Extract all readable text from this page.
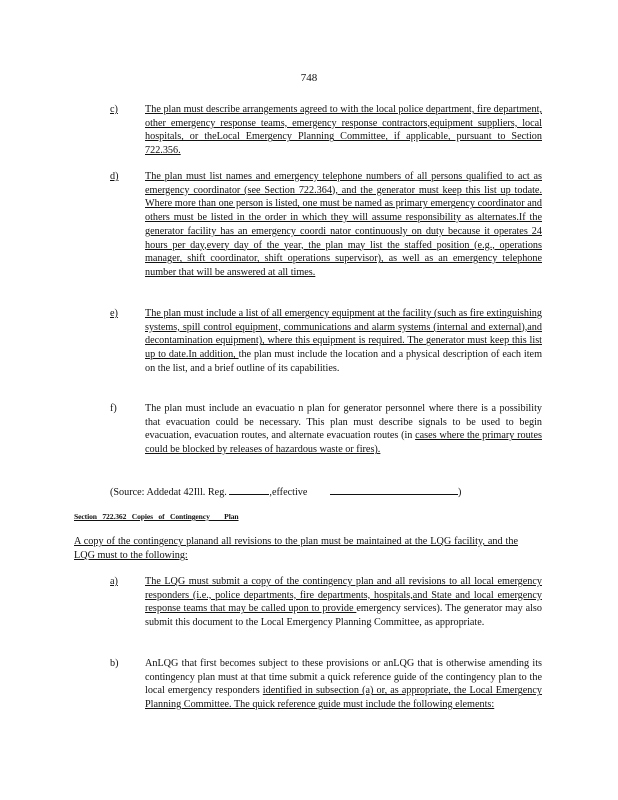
748
c)	The plan must describe arrangements agreed to with the local police department, fire department, other emergency response teams, emergency response contractors,equipment suppliers, local hospitals, or theLocal Emergency Planning Committee, if applicable, pursuant to Section 722.356.
d)	The plan must list names and emergency telephone numbers of all persons qualified to act as emergency coordinator (see Section 722.364), and the generator must keep this list up todate. Where more than one person is listed, one must be named as primary emergency coordinator and others must be listed in the order in which they will assume responsibility as alternates.If the generator facility has an emergency coordi nator continuously on duty because it operates 24 hours per day,every day of the year, the plan may list the staffed position (e.g., operations manager, shift coordinator, shift operations supervisor), as well as an emergency telephone number that will be answered at all times.
e)	The plan must include a list of all emergency equipment at the facility (such as fire extinguishing systems, spill control equipment, communications and alarm systems (internal and external),and decontamination equipment), where this equipment is required. The generator must keep this list up to date.In addition, the plan must include the location and a physical description of each item on the list, and a brief outline of its capabilities.
f)	The plan must include an evacuatio n plan for generator personnel where there is a possibility that evacuation could be necessary. This plan must describe signals to be used to begin evacuation, evacuation routes, and alternate evacuation routes (in cases where the primary routes could be blocked by releases of hazardous waste or fires).
(Source: Addedat 42Ill. Reg.	,effective	)
Section   722.362   Copies   of   Contingency        Plan
A copy of the contingency planand all revisions to the plan must be maintained at the LQG facility, and the LQG must to the following:
a)	The LQG must submit a copy of the contingency plan and all revisions to all local emergency responders (i.e., police departments, fire departments, hospitals,and State and local emergency response teams that may be called upon to provide emergency services). The generator may also submit this document to the Local Emergency Planning Committee, as appropriate.
b)	AnLQG that first becomes subject to these provisions or anLQG that is otherwise amending its contingency plan must at that time submit a quick reference guide of the contingency plan to the local emergency responders identified in subsection (a) or, as appropriate, the Local Emergency Planning Committee. The quick reference guide must include the following elements:
